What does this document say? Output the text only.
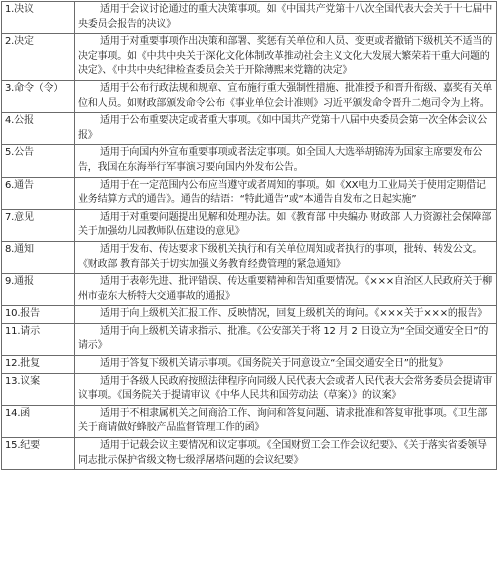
1.决议	适用于会议讨论通过的重大决策事项。如《中国共产党第十八次全国代表大会关于十七届中央委员会报告的决议》
2.决定	适用于对重要事项作出决策和部署、奖惩有关单位和人员、变更或者撤销下级机关不适当的决定事项。如《中共中央关于深化文化体制改革推动社会主义文化大发展大繁荣若干重大问题的决定》、《中共中央纪律检查委员会关于开除薄熙来党籍的决定》
3.命令（令）	适用于公布行政法规和规章、宣布施行重大强制性措施、批准授予和晋升衔级、嘉奖有关单位和人员。如财政部颁发命令公布《事业单位会计准则》习近平颁发命令晋升二炮司令为上将。
4.公报	适用于公布重要决定或者重大事项。《如中国共产党第十八届中央委员会第一次全体会议公报》
5.公告	适用于向国内外宣布重要事项或者法定事项。如全国人大选举胡锦涛为国家主席要发布公告，我国在东海举行军事演习要向国内外发布公告。
6.通告	适用于在一定范围内公布应当遵守或者周知的事项。如《XX电力工业局关于使用定期借记业务结算方式的通告》。通告的结语：“特此通告”或“本通告自发布之日起实施”
7.意见	适用于对重要问题提出见解和处理办法。如《教育部 中央编办 财政部 人力资源社会保障部关于加强幼儿园教师队伍建设的意见》
8.通知	适用于发布、传达要求下级机关执行和有关单位周知或者执行的事项，批转、转发公文。《财政部 教育部关于切实加强义务教育经费管理的紧急通知》
9.通报	适用于表彰先进、批评错误、传达重要精神和告知重要情况。《×××自治区人民政府关于柳州市壶东大桥特大交通事故的通报》
10.报告	适用于向上级机关汇报工作、反映情况，回复上级机关的询问。《×××关于×××的报告》
11.请示	适用于向上级机关请求指示、批准。《公安部关于将 12 月 2 日设立为“全国交通安全日”的请示》
12.批复	适用于答复下级机关请示事项。《国务院关于同意设立“全国交通安全日”的批复》
13.议案	适用于各级人民政府按照法律程序向同级人民代表大会或者人民代表大会常务委员会提请审议事项。《国务院关于提请审议《中华人民共和国劳动法（草案）》的议案》
14.函	适用于不相隶属机关之间商洽工作、询问和答复问题、请求批准和答复审批事项。《卫生部关于商请做好蜂胶产品监督管理工作的函》
15.纪要	适用于记载会议主要情况和议定事项。《全国财贸工会工作会议纪要》、《关于落实省委领导同志批示保护省级文物七级浮屠塔问题的会议纪要》
